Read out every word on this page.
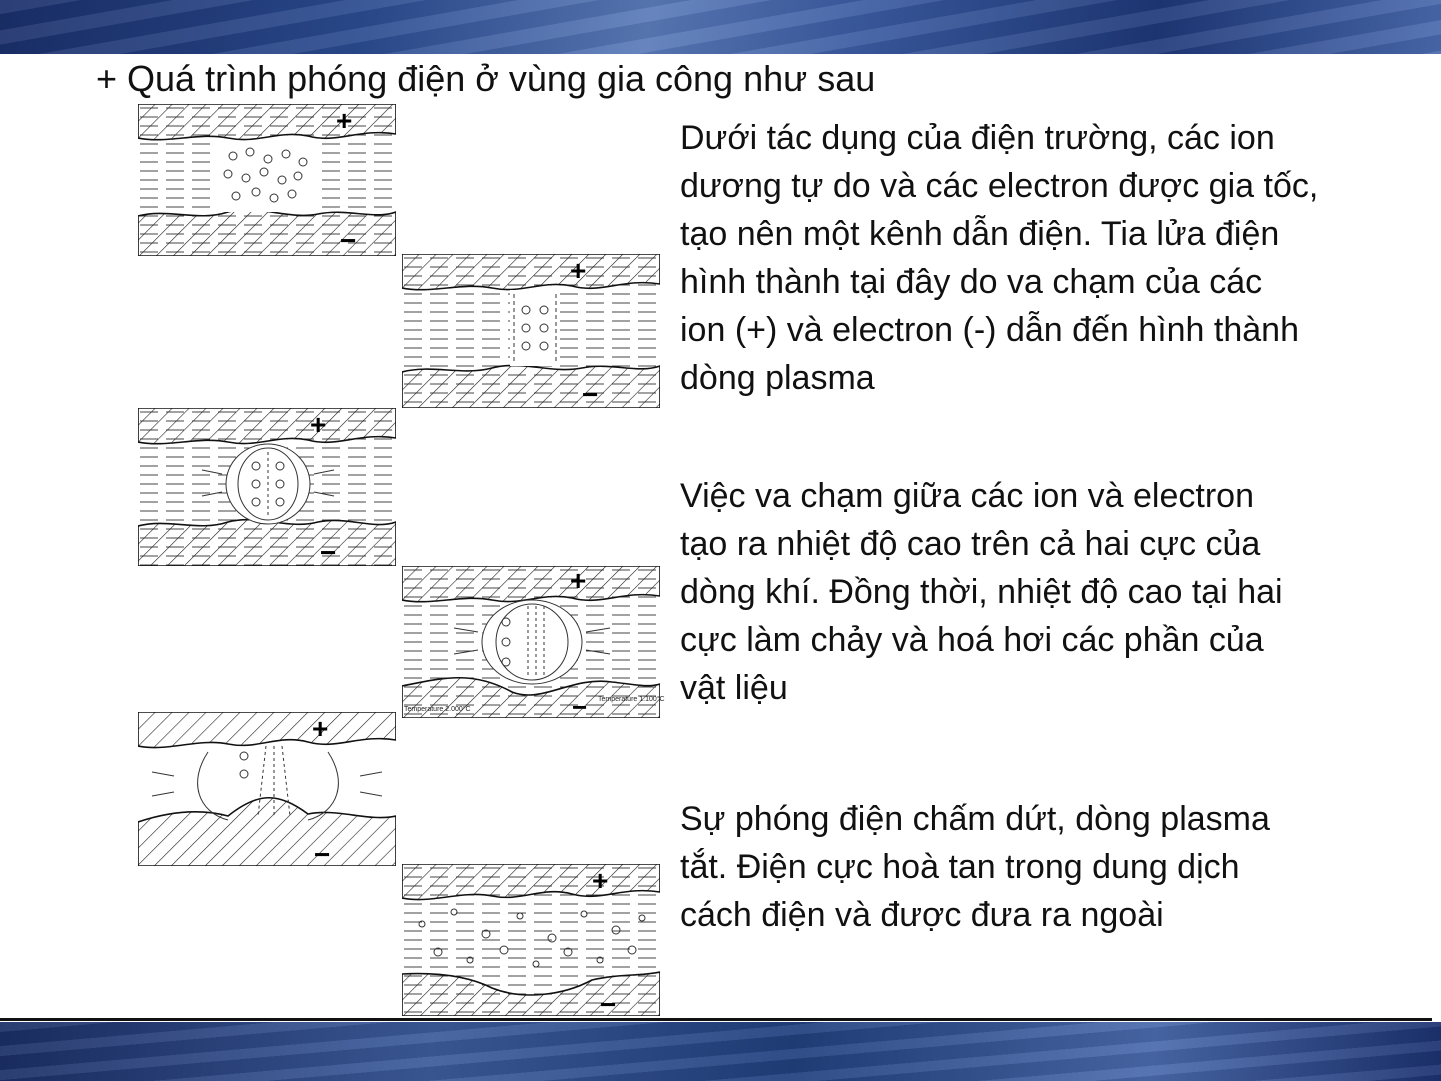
+ Quá trình phóng điện ở vùng gia công như sau
+
−
+
−
+
−
+
−
Temperature 2.000°C
Temperature 1.100°C
+
−
+
−
Dưới tác dụng của điện trường, các ion
dương tự do và các electron được gia tốc,
tạo nên một kênh dẫn điện. Tia lửa điện
hình thành tại đây do va chạm của các
ion (+) và electron (-) dẫn đến hình thành
dòng plasma
Việc va chạm giữa các ion và electron
tạo ra nhiệt độ cao trên cả hai cực của
dòng khí. Đồng thời, nhiệt độ cao tại hai
cực làm chảy và hoá hơi các phần của
vật liệu
Sự phóng điện chấm dứt, dòng plasma
tắt. Điện cực hoà tan trong dung dịch
cách điện và được đưa ra ngoài
